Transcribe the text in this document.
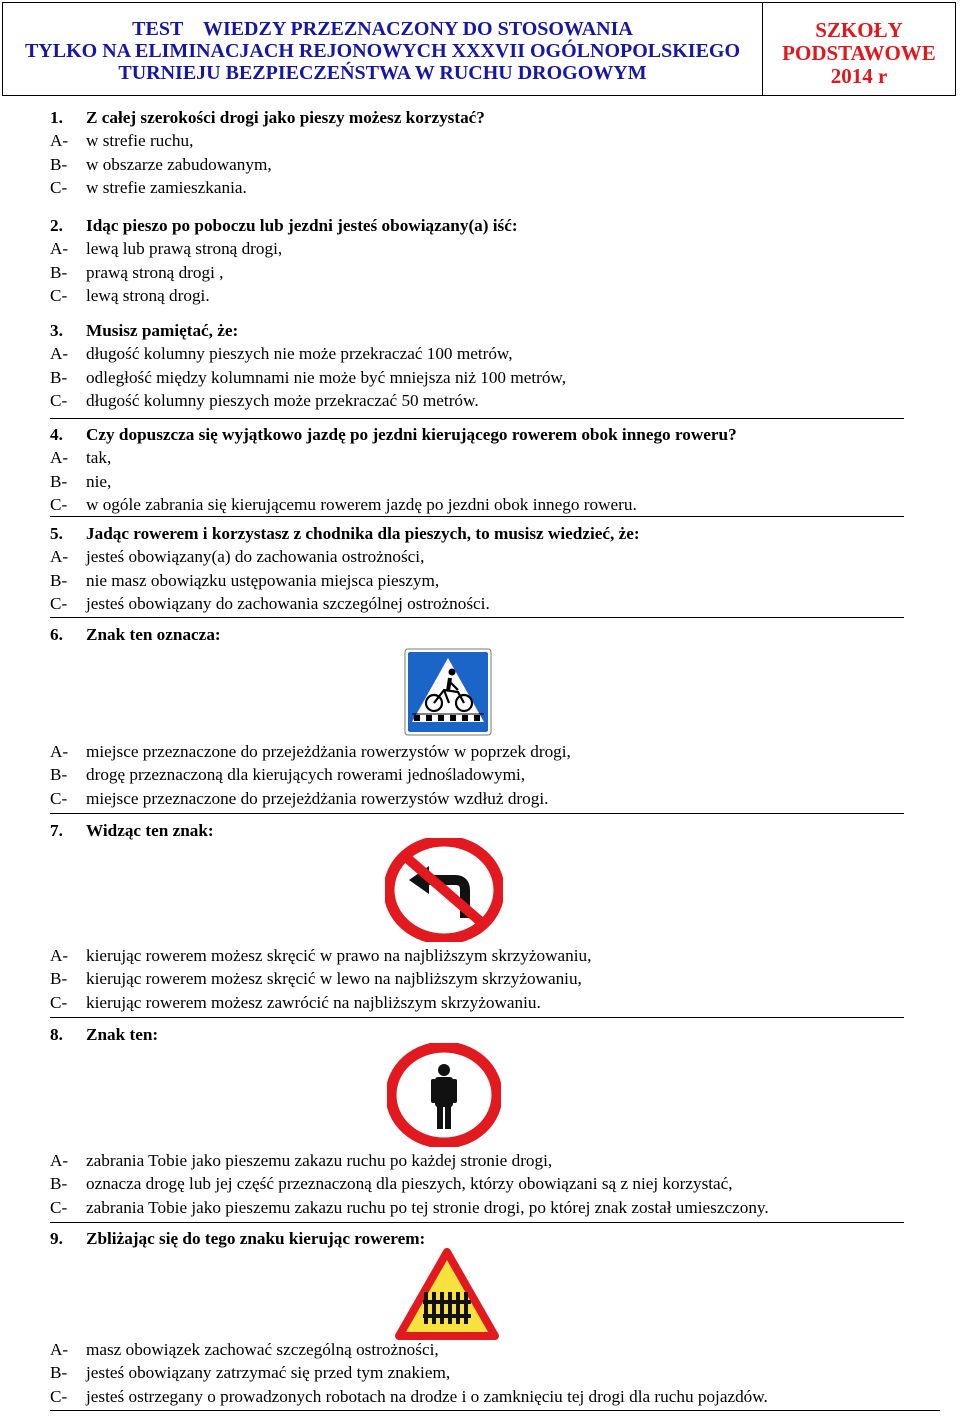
TEST    WIEDZY PRZEZNACZONY DO STOSOWANIA
TYLKO NA ELIMINACJACH REJONOWYCH XXXVII OGÓLNOPOLSKIEGO
TURNIEJU BEZPIECZEŃSTWA W RUCHU DROGOWYM
SZKOŁY
PODSTAWOWE
2014 r
1. Z całej szerokości drogi jako pieszy możesz korzystać?
A- w strefie ruchu,
B- w obszarze zabudowanym,
C- w strefie zamieszkania.
2. Idąc pieszo po poboczu lub jezdni jesteś obowiązany(a) iść:
A- lewą lub prawą stroną drogi,
B- prawą stroną drogi ,
C- lewą stroną drogi.
3. Musisz pamiętać, że:
A- długość kolumny pieszych nie może przekraczać 100 metrów,
B- odległość między kolumnami nie może być mniejsza niż 100 metrów,
C- długość kolumny pieszych może przekraczać 50 metrów.
4. Czy dopuszcza się wyjątkowo jazdę po jezdni kierującego rowerem obok innego roweru?
A- tak,
B- nie,
C- w ogóle zabrania się kierującemu rowerem jazdę po jezdni obok innego roweru.
5. Jadąc rowerem i korzystasz z chodnika dla pieszych, to musisz wiedzieć, że:
A- jesteś obowiązany(a) do zachowania ostrożności,
B- nie masz obowiązku ustępowania miejsca pieszym,
C- jesteś obowiązany do zachowania szczególnej ostrożności.
6. Znak ten oznacza:
A- miejsce przeznaczone do przejeżdżania rowerzystów w poprzek drogi,
B- drogę przeznaczoną dla kierujących rowerami jednośladowymi,
C- miejsce przeznaczone do przejeżdżania rowerzystów wzdłuż drogi.
7. Widząc ten znak:
A- kierując rowerem możesz skręcić w prawo na najbliższym skrzyżowaniu,
B- kierując rowerem możesz skręcić w lewo na najbliższym skrzyżowaniu,
C- kierując rowerem możesz zawrócić na najbliższym skrzyżowaniu.
8. Znak ten:
A- zabrania Tobie jako pieszemu zakazu ruchu po każdej stronie drogi,
B- oznacza drogę lub jej część przeznaczoną dla pieszych, którzy obowiązani są z niej korzystać,
C- zabrania Tobie jako pieszemu zakazu ruchu po tej stronie drogi, po której znak został umieszczony.
9. Zbliżając się do tego znaku kierując rowerem:
A- masz obowiązek zachować szczególną ostrożności,
B- jesteś obowiązany zatrzymać się przed tym znakiem,
C- jesteś ostrzegany o prowadzonych robotach na drodze i o zamknięciu tej drogi dla ruchu pojazdów.
